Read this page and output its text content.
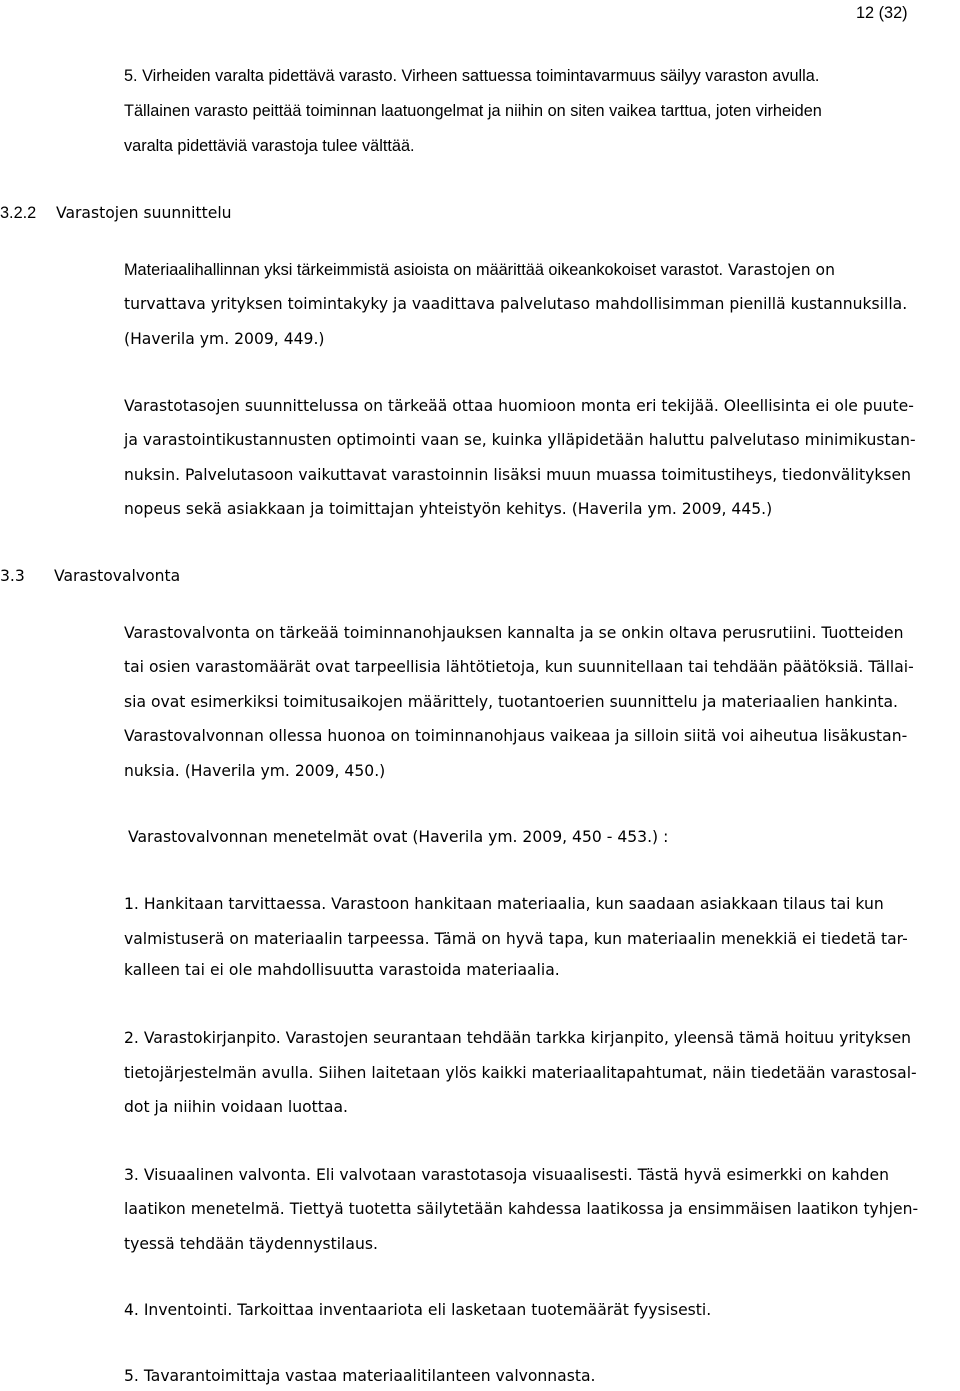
12 (32)
5. Virheiden varalta pidettävä varasto. Virheen sattuessa toimintavarmuus säilyy varaston avulla.
Tällainen varasto peittää toiminnan laatuongelmat ja niihin on siten vaikea tarttua, joten virheiden
varalta pidettäviä varastoja tulee välttää.
3.2.2 Varastojen suunnittelu
Materiaalihallinnan yksi tärkeimmistä asioista on määrittää oikeankokoiset varastot. Varastojen on
turvattava yrityksen toimintakyky ja vaadittava palvelutaso mahdollisimman pienillä kustannuksilla.
(Haverila ym. 2009, 449.)
Varastotasojen suunnittelussa on tärkeää ottaa huomioon monta eri tekijää. Oleellisinta ei ole puute-
ja varastointikustannusten optimointi vaan se, kuinka ylläpidetään haluttu palvelutaso minimikustan-
nuksin. Palvelutasoon vaikuttavat varastoinnin lisäksi muun muassa toimitustiheys, tiedonvälityksen
nopeus sekä asiakkaan ja toimittajan yhteistyön kehitys. (Haverila ym. 2009, 445.)
3.3 Varastovalvonta
Varastovalvonta on tärkeää toiminnanohjauksen kannalta ja se onkin oltava perusrutiini. Tuotteiden
tai osien varastomäärät ovat tarpeellisia lähtötietoja, kun suunnitellaan tai tehdään päätöksiä. Tällai-
sia ovat esimerkiksi toimitusaikojen määrittely, tuotantoerien suunnittelu ja materiaalien hankinta.
Varastovalvonnan ollessa huonoa on toiminnanohjaus vaikeaa ja silloin siitä voi aiheutua lisäkustan-
nuksia. (Haverila ym. 2009, 450.)
Varastovalvonnan menetelmät ovat (Haverila ym. 2009, 450 - 453.) :
1. Hankitaan tarvittaessa. Varastoon hankitaan materiaalia, kun saadaan asiakkaan tilaus tai kun
valmistuserä on materiaalin tarpeessa. Tämä on hyvä tapa, kun materiaalin menekkiä ei tiedetä tar-
kalleen tai ei ole mahdollisuutta varastoida materiaalia.
2. Varastokirjanpito. Varastojen seurantaan tehdään tarkka kirjanpito, yleensä tämä hoituu yrityksen
tietojärjestelmän avulla. Siihen laitetaan ylös kaikki materiaalitapahtumat, näin tiedetään varastosal-
dot ja niihin voidaan luottaa.
3. Visuaalinen valvonta. Eli valvotaan varastotasoja visuaalisesti. Tästä hyvä esimerkki on kahden
laatikon menetelmä. Tiettyä tuotetta säilytetään kahdessa laatikossa ja ensimmäisen laatikon tyhjen-
tyessä tehdään täydennystilaus.
4. Inventointi. Tarkoittaa inventaariota eli lasketaan tuotemäärät fyysisesti.
5. Tavarantoimittaja vastaa materiaalitilanteen valvonnasta.
